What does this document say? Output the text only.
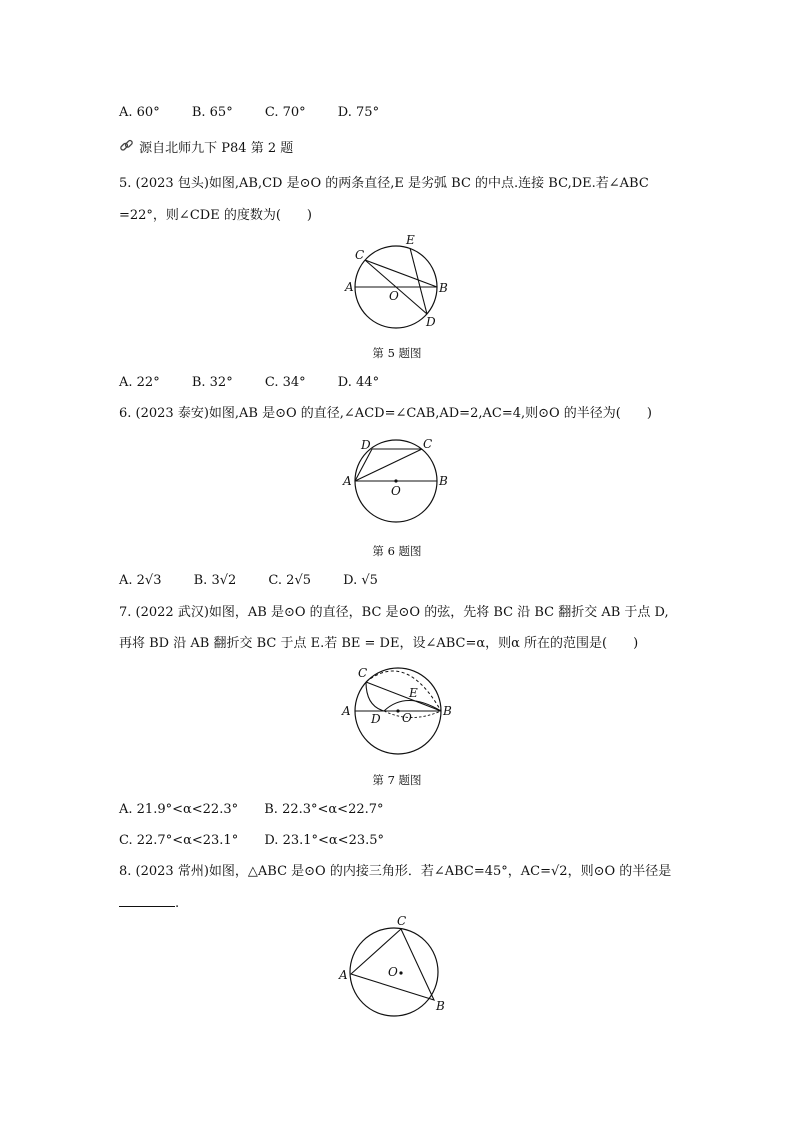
A. 60° B. 65° C. 70° D. 75°
源自北师九下 P84 第 2 题
5. (2023 包头)如图,AB,CD 是⊙O 的两条直径,E 是劣弧 BC 的中点.连接 BC,DE.若∠ABC
=22°，则∠CDE 的度数为(　　)
A	B
C
D
E
O
第 5 题图
A. 22° B. 32° C. 34° D. 44°
6. (2023 泰安)如图,AB 是⊙O 的直径,∠ACD=∠CAB,AD=2,AC=4,则⊙O 的半径为(　　)
A	B
C
D
O
第 6 题图
A. 2√3 B. 3√2 C. 2√5 D. √5
7. (2022 武汉)如图，AB 是⊙O 的直径，BC 是⊙O 的弦，先将 BC 沿 BC 翻折交 AB 于点 D,
再将 BD 沿 AB 翻折交 BC 于点 E.若 BE = DE，设∠ABC=α，则α 所在的范围是(　　)
A	B
C
D
E
O
第 7 题图
A. 21.9°<α<22.3° B. 22.3°<α<22.7°
C. 22.7°<α<23.1° D. 23.1°<α<23.5°
8. (2023 常州)如图，△ABC 是⊙O 的内接三角形．若∠ABC=45°，AC=√2，则⊙O 的半径是
.
A
B
C
O
